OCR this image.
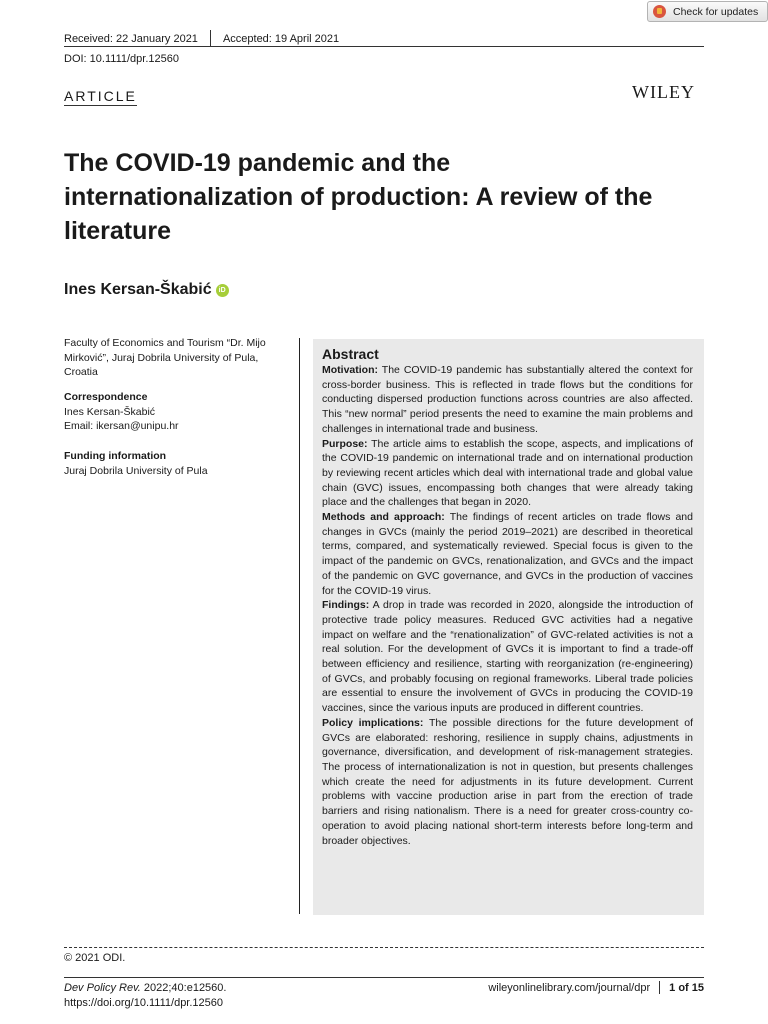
Check for updates
Received: 22 January 2021 Accepted: 19 April 2021
DOI: 10.1111/dpr.12560
ARTICLE	WILEY
The COVID-19 pandemic and the internationalization of production: A review of the literature
Ines Kersan-Škabić	iD
Faculty of Economics and Tourism “Dr. Mijo Mirković”, Juraj Dobrila University of Pula, Croatia
Correspondence
Ines Kersan-Škabić
Email: ikersan@unipu.hr
Funding information
Juraj Dobrila University of Pula
Abstract

Motivation: The COVID-19 pandemic has substantially altered the context for cross-border business. This is reflected in trade flows but the conditions for conducting dispersed production functions across countries are also affected. This “new normal” period presents the need to examine the main problems and challenges in international trade and business.

Purpose: The article aims to establish the scope, aspects, and implications of the COVID-19 pandemic on international trade and on international production by reviewing recent articles which deal with international trade and global value chain (GVC) issues, encompassing both changes that were already taking place and the challenges that began in 2020.

Methods and approach: The findings of recent articles on trade flows and changes in GVCs (mainly the period 2019–2021) are described in theoretical terms, compared, and systematically reviewed. Special focus is given to the impact of the pandemic on GVCs, renationalization, and GVCs and the impact of the pandemic on GVC governance, and GVCs in the production of vaccines for the COVID-19 virus.

Findings: A drop in trade was recorded in 2020, alongside the introduction of protective trade policy measures. Reduced GVC activities had a negative impact on welfare and the “renationalization” of GVC-related activities is not a real solution. For the development of GVCs it is important to find a trade-off between efficiency and resilience, starting with reorganization (re-engineering) of GVCs, and probably focusing on regional frameworks. Liberal trade policies are essential to ensure the involvement of GVCs in producing the COVID-19 vaccines, since the various inputs are produced in different countries.

Policy implications: The possible directions for the future development of GVCs are elaborated: reshoring, resilience in supply chains, adjustments in governance, diversification, and development of risk-management strategies. The process of internationalization is not in question, but presents challenges which create the need for adjustments in its future development. Current problems with vaccine production arise in part from the erection of trade barriers and rising nationalism. There is a need for greater cross-country co-operation to avoid placing national short-term interests before long-term and broader objectives.

© 2021 ODI.
Dev Policy Rev. 2022;40:e12560.
https://doi.org/10.1111/dpr.12560
wileyonlinelibrary.com/journal/dpr 1 of 15
